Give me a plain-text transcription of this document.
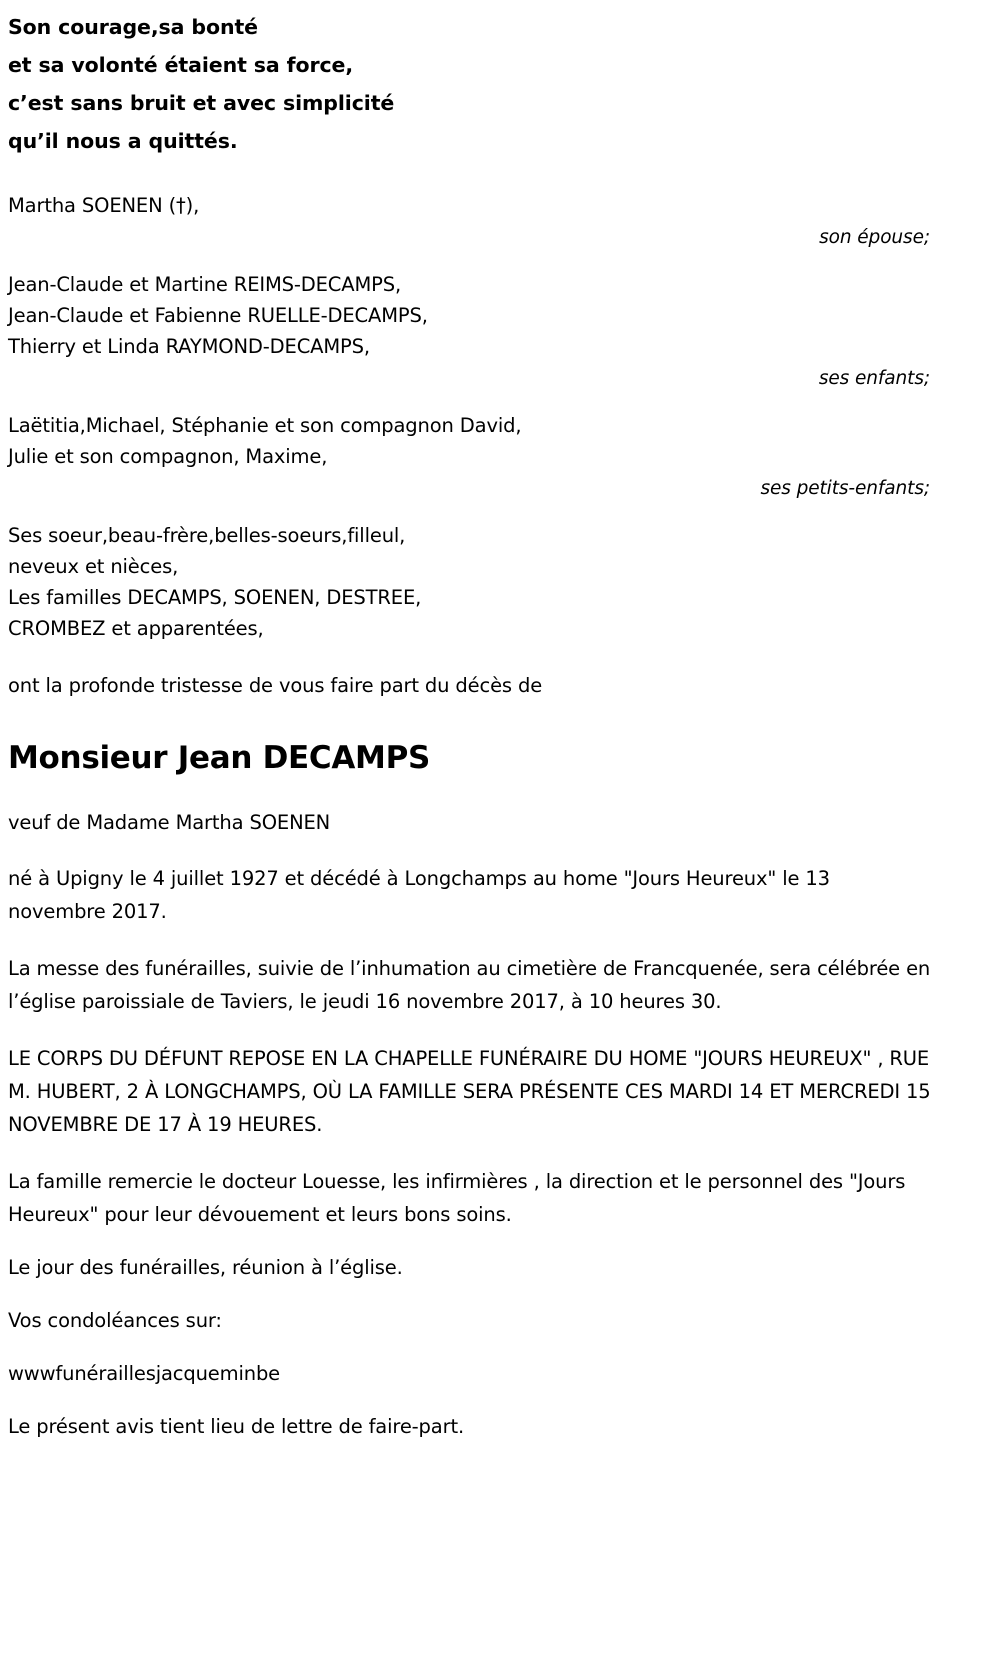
Son courage,sa bonté
et sa volonté étaient sa force,
c’est sans bruit et avec simplicité
qu’il nous a quittés.
Martha SOENEN (†),
son épouse;
Jean-Claude et Martine REIMS-DECAMPS,
Jean-Claude et Fabienne RUELLE-DECAMPS,
Thierry et Linda RAYMOND-DECAMPS,
ses enfants;
Laëtitia,Michael, Stéphanie et son compagnon David,
Julie et son compagnon, Maxime,
ses petits-enfants;
Ses soeur,beau-frère,belles-soeurs,filleul,
neveux et nièces,
Les familles DECAMPS, SOENEN, DESTREE,
CROMBEZ et apparentées,
ont la profonde tristesse de vous faire part du décès de
Monsieur Jean DECAMPS
veuf de Madame Martha SOENEN

né à Upigny le 4 juillet 1927 et décédé à Longchamps au home "Jours Heureux" le 13 novembre 2017.

La messe des funérailles, suivie de l’inhumation au cimetière de Francquenée, sera célébrée en l’église paroissiale de Taviers, le jeudi 16 novembre 2017, à 10 heures 30.

LE CORPS DU DÉFUNT REPOSE EN LA CHAPELLE FUNÉRAIRE DU HOME "JOURS HEUREUX" , RUE M. HUBERT, 2 À LONGCHAMPS, OÙ LA FAMILLE SERA PRÉSENTE CES MARDI 14 ET MERCREDI 15 NOVEMBRE DE 17 À 19 HEURES.

La famille remercie le docteur Louesse, les infirmières , la direction et le personnel des "Jours Heureux" pour leur dévouement et leurs bons soins.

Le jour des funérailles, réunion à l’église.

Vos condoléances sur:

wwwfunéraillesjacqueminbe

Le présent avis tient lieu de lettre de faire-part.
